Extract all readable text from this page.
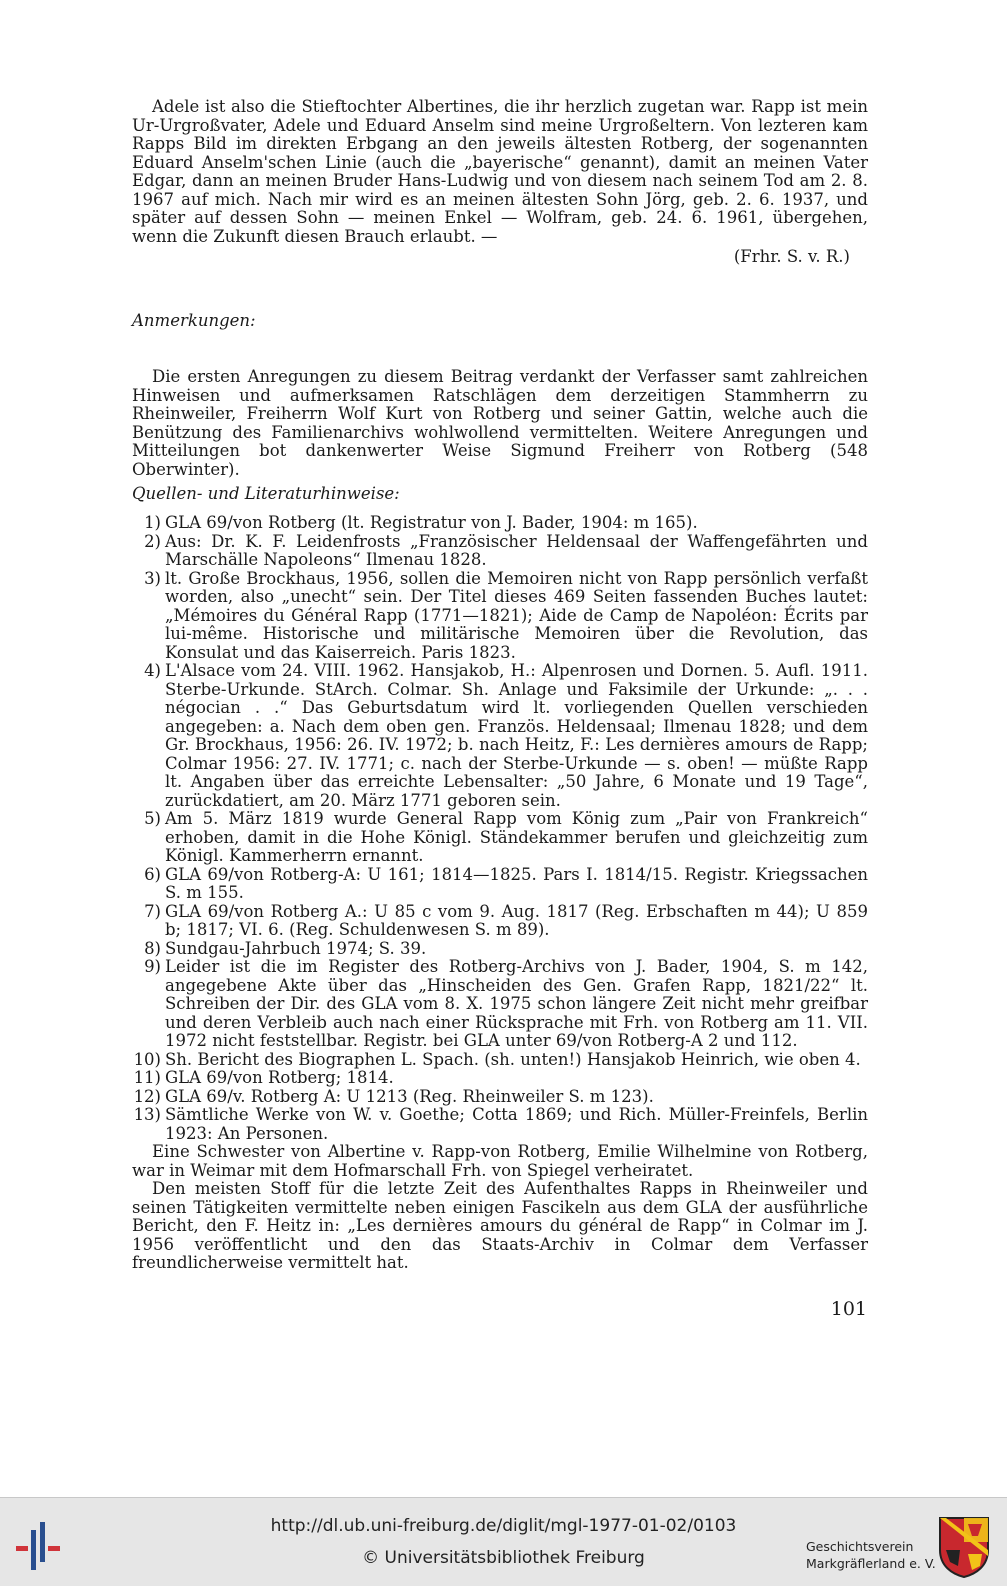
Adele ist also die Stieftochter Albertines, die ihr herzlich zugetan war. Rapp ist mein Ur-Urgroßvater, Adele und Eduard Anselm sind meine Urgroßeltern. Von lezteren kam Rapps Bild im direkten Erbgang an den jeweils ältesten Rotberg, der sogenannten Eduard Anselm'schen Linie (auch die „bayerische“ genannt), damit an meinen Vater Edgar, dann an meinen Bruder Hans-Ludwig und von diesem nach seinem Tod am 2. 8. 1967 auf mich. Nach mir wird es an meinen ältesten Sohn Jörg, geb. 2. 6. 1937, und später auf dessen Sohn — meinen Enkel — Wolfram, geb. 24. 6. 1961, übergehen, wenn die Zukunft diesen Brauch erlaubt. —

(Frhr. S. v. R.)

Anmerkungen:

Die ersten Anregungen zu diesem Beitrag verdankt der Verfasser samt zahlreichen Hinweisen und aufmerksamen Ratschlägen dem derzeitigen Stammherrn zu Rheinweiler, Freiherrn Wolf Kurt von Rotberg und seiner Gattin, welche auch die Benützung des Familienarchivs wohlwollend vermittelten. Weitere Anregungen und Mitteilungen bot dankenwerter Weise Sigmund Freiherr von Rotberg (548 Oberwinter).

Quellen- und Literaturhinweise:
1) GLA 69/von Rotberg (lt. Registratur von J. Bader, 1904: m 165).
2) Aus: Dr. K. F. Leidenfrosts „Französischer Heldensaal der Waffengefährten und Marschälle Napoleons“ Ilmenau 1828.
3) lt. Große Brockhaus, 1956, sollen die Memoiren nicht von Rapp persönlich verfaßt worden, also „unecht“ sein. Der Titel dieses 469 Seiten fassenden Buches lautet: „Mémoires du Général Rapp (1771—1821); Aide de Camp de Napoléon: Écrits par lui-même. Historische und militärische Memoiren über die Revolution, das Konsulat und das Kaiserreich. Paris 1823.
4) L'Alsace vom 24. VIII. 1962. Hansjakob, H.: Alpenrosen und Dornen. 5. Aufl. 1911. Sterbe-Urkunde. StArch. Colmar. Sh. Anlage und Faksimile der Urkunde: „. . . négocian . .“ Das Geburtsdatum wird lt. vorliegenden Quellen verschieden angegeben: a. Nach dem oben gen. Französ. Heldensaal; Ilmenau 1828; und dem Gr. Brockhaus, 1956: 26. IV. 1972; b. nach Heitz, F.: Les dernières amours de Rapp; Colmar 1956: 27. IV. 1771; c. nach der Sterbe-Urkunde — s. oben! — müßte Rapp lt. Angaben über das erreichte Lebensalter: „50 Jahre, 6 Monate und 19 Tage“, zurückdatiert, am 20. März 1771 geboren sein.
5) Am 5. März 1819 wurde General Rapp vom König zum „Pair von Frankreich“ erhoben, damit in die Hohe Königl. Ständekammer berufen und gleichzeitig zum Königl. Kammerherrn ernannt.
6) GLA 69/von Rotberg-A: U 161; 1814—1825. Pars I. 1814/15. Registr. Kriegssachen S. m 155.
7) GLA 69/von Rotberg A.: U 85 c vom 9. Aug. 1817 (Reg. Erbschaften m 44); U 859 b; 1817; VI. 6. (Reg. Schuldenwesen S. m 89).
8) Sundgau-Jahrbuch 1974; S. 39.
9) Leider ist die im Register des Rotberg-Archivs von J. Bader, 1904, S. m 142, angegebene Akte über das „Hinscheiden des Gen. Grafen Rapp, 1821/22“ lt. Schreiben der Dir. des GLA vom 8. X. 1975 schon längere Zeit nicht mehr greifbar und deren Verbleib auch nach einer Rücksprache mit Frh. von Rotberg am 11. VII. 1972 nicht feststellbar. Registr. bei GLA unter 69/von Rotberg-A 2 und 112.
10) Sh. Bericht des Biographen L. Spach. (sh. unten!) Hansjakob Heinrich, wie oben 4.
11) GLA 69/von Rotberg; 1814.
12) GLA 69/v. Rotberg A: U 1213 (Reg. Rheinweiler S. m 123).
13) Sämtliche Werke von W. v. Goethe; Cotta 1869; und Rich. Müller-Freinfels, Berlin 1923: An Personen.

Eine Schwester von Albertine v. Rapp-von Rotberg, Emilie Wilhelmine von Rotberg, war in Weimar mit dem Hofmarschall Frh. von Spiegel verheiratet.

Den meisten Stoff für die letzte Zeit des Aufenthaltes Rapps in Rheinweiler und seinen Tätigkeiten vermittelte neben einigen Fascikeln aus dem GLA der ausführliche Bericht, den F. Heitz in: „Les dernières amours du général de Rapp“ in Colmar im J. 1956 veröffentlicht und den das Staats-Archiv in Colmar dem Verfasser freundlicherweise vermittelt hat.

101
http://dl.ub.uni-freiburg.de/diglit/mgl-1977-01-02/0103
© Universitätsbibliothek Freiburg
Geschichtsverein
Markgräflerland e. V.
